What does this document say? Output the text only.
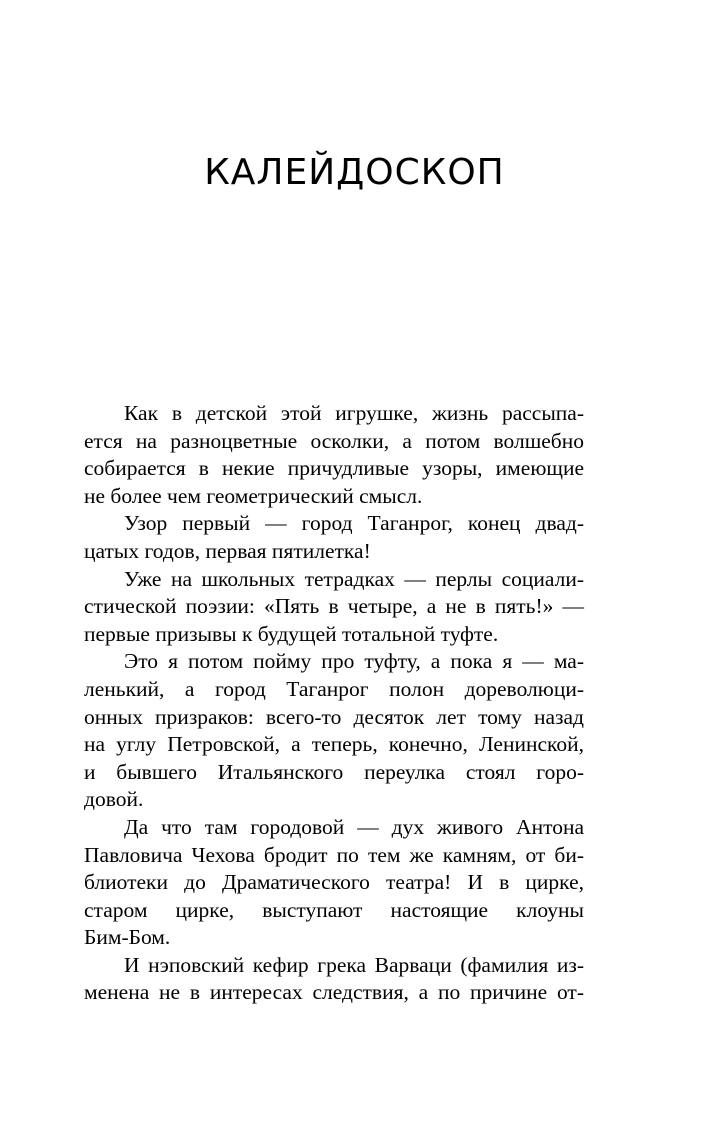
КАЛЕЙДОСКОП

Как в детской этой игрушке, жизнь рассыпа-
ется на разноцветные осколки, а потом волшебно
собирается в некие причудливые узоры, имеющие
не более чем геометрический смысл.

Узор первый — город Таганрог, конец двад-
цатых годов, первая пятилетка!

Уже на школьных тетрадках — перлы социали-
стической поэзии: «Пять в четыре, а не в пять!» —
первые призывы к будущей тотальной туфте.

Это я потом пойму про туфту, а пока я — ма-
ленький, а город Таганрог полон дореволюци-
онных призраков: всего-то десяток лет тому назад
на углу Петровской, а теперь, конечно, Ленинской,
и бывшего Итальянского переулка стоял горо-
довой.

Да что там городовой — дух живого Антона
Павловича Чехова бродит по тем же камням, от би-
блиотеки до Драматического театра! И в цирке,
старом цирке, выступают настоящие клоуны
Бим-Бом.

И нэповский кефир грека Варваци (фамилия из-
менена не в интересах следствия, а по причине от-
